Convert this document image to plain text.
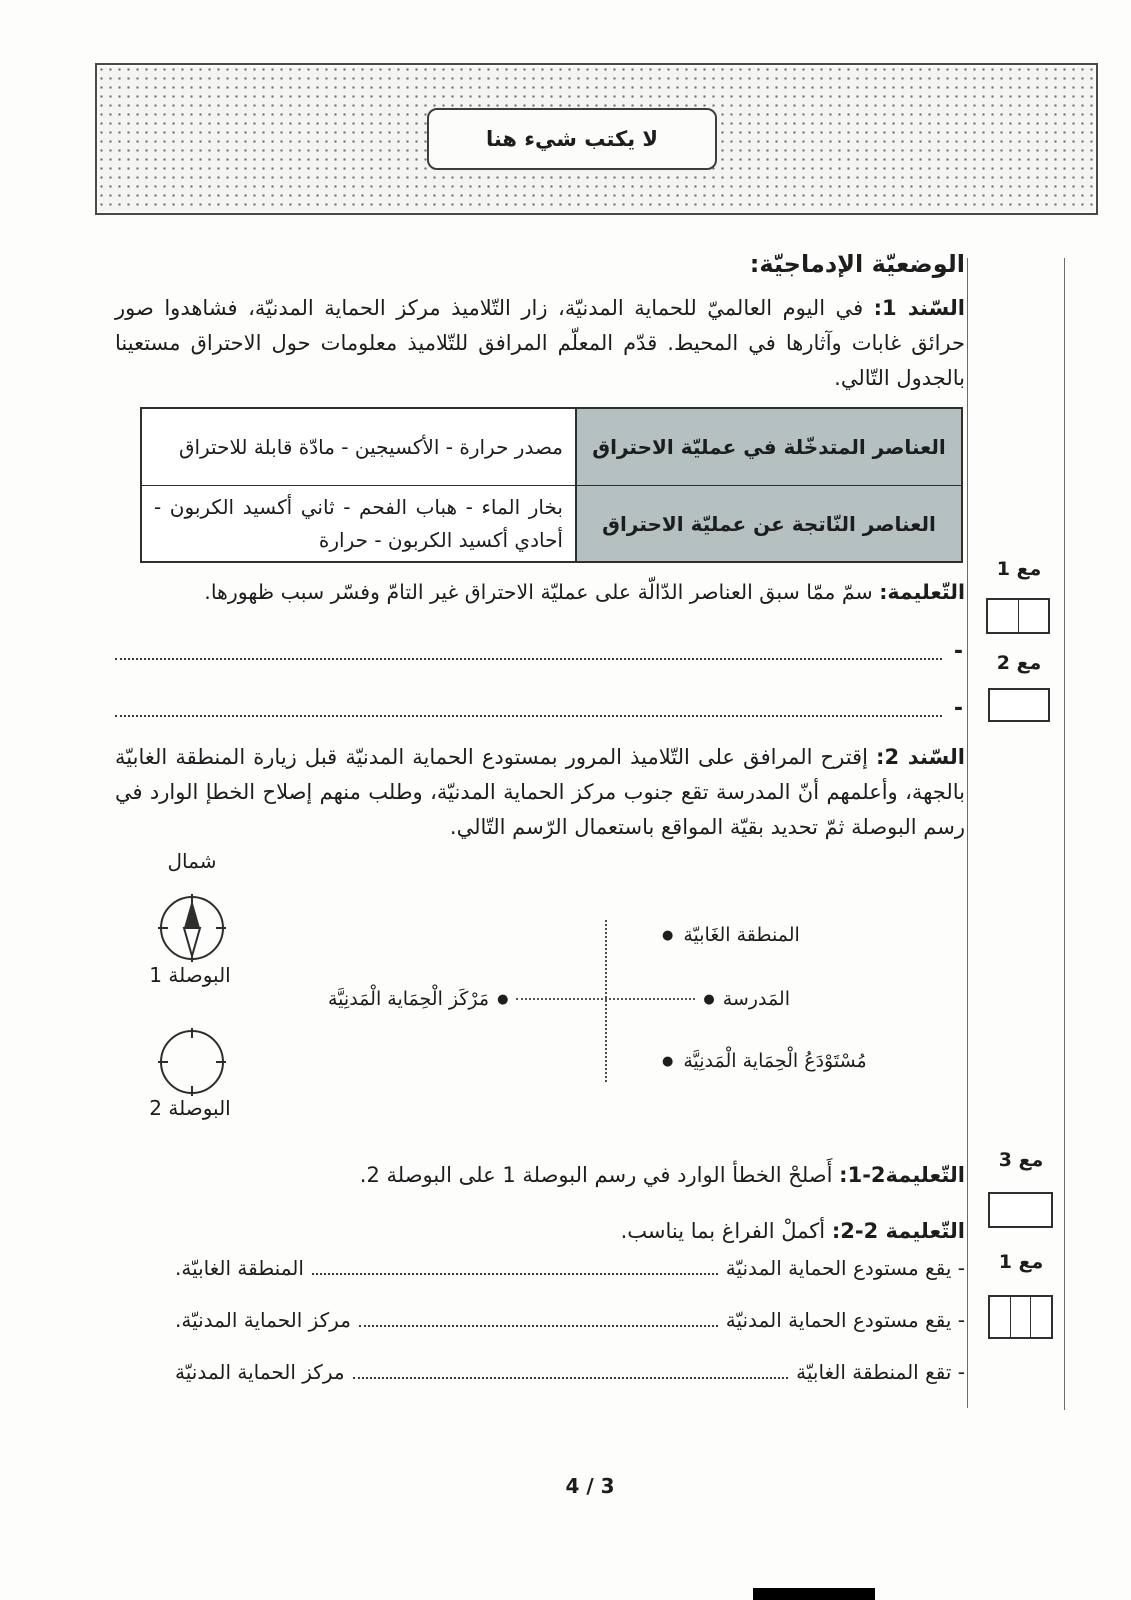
لا يكتب شيء هنا
الوضعيّة الإدماجيّة:
السّند 1: في اليوم العالميّ للحماية المدنيّة، زار التّلاميذ مركز الحماية المدنيّة، فشاهدوا صور حرائق غابات وآثارها في المحيط. قدّم المعلّم المرافق للتّلاميذ معلومات حول الاحتراق مستعينا بالجدول التّالي.
العناصر المتدخّلة في عمليّة الاحتراق
مصدر حرارة - الأكسيجين - مادّة قابلة للاحتراق
العناصر النّاتجة عن عمليّة الاحتراق
بخار الماء - هباب الفحم - ثاني أكسيد الكربون - أحادي أكسيد الكربون - حرارة
التّعليمة: سمّ ممّا سبق العناصر الدّالّة على عمليّة الاحتراق غير التامّ وفسّر سبب ظهورها.
-
-
السّند 2: إقترح المرافق على التّلاميذ المرور بمستودع الحماية المدنيّة قبل زيارة المنطقة الغابيّة بالجهة، وأعلمهم أنّ المدرسة تقع جنوب مركز الحماية المدنيّة، وطلب منهم إصلاح الخطإ الوارد في رسم البوصلة ثمّ تحديد بقيّة المواقع باستعمال الرّسم التّالي.
شمال
البوصلة 1
البوصلة 2
المنطقة الغَابيّة
●
المَدرسة
●
●
مَرْكَز الْحِمَاية الْمَدنِيَّة
مُسْتَوْدَعُ الْحِمَاية الْمَدنِيَّة
●
التّعليمة2-1: أَصلحْ الخطأ الوارد في رسم البوصلة 1 على البوصلة 2.
التّعليمة 2-2: أكملْ الفراغ بما يناسب.
- يقع مستودع الحماية المدنيّة
المنطقة الغابيّة.
- يقع مستودع الحماية المدنيّة
مركز الحماية المدنيّة.
- تقع المنطقة الغابيّة
مركز الحماية المدنيّة
مع 1
مع 2
مع 3
مع 1
4 / 3
